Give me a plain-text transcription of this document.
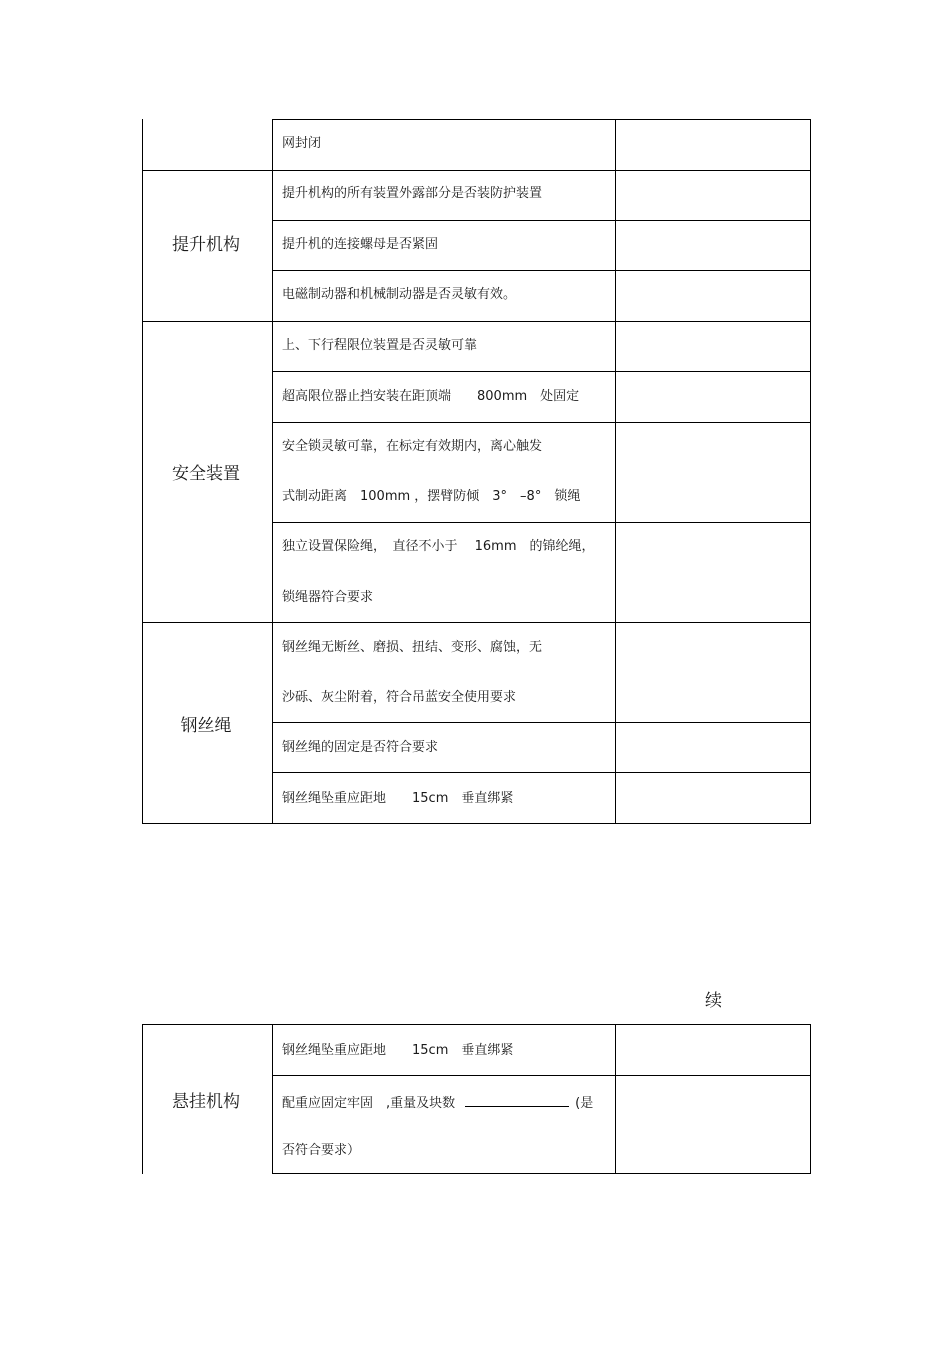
提升机构
安全装置
钢丝绳
网封闭
提升机构的所有装置外露部分是否装防护装置
提升机的连接螺母是否紧固
电磁制动器和机械制动器是否灵敏有效。
上、下行程限位装置是否灵敏可靠
超高限位器止挡安装在距顶端　　800mm　处固定
安全锁灵敏可靠，在标定有效期内，离心触发
式制动距离　100mm ，摆臂防倾　3°　–8°　锁绳
独立设置保险绳，　直径不小于　 16mm　的锦纶绳，
锁绳器符合要求
钢丝绳无断丝、磨损、扭结、变形、腐蚀，无
沙砾、灰尘附着，符合吊蓝安全使用要求
钢丝绳的固定是否符合要求
钢丝绳坠重应距地　　15cm　垂直绑紧
续
悬挂机构
钢丝绳坠重应距地　　15cm　垂直绑紧
配重应固定牢固　,重量及块数	(是
否符合要求）
